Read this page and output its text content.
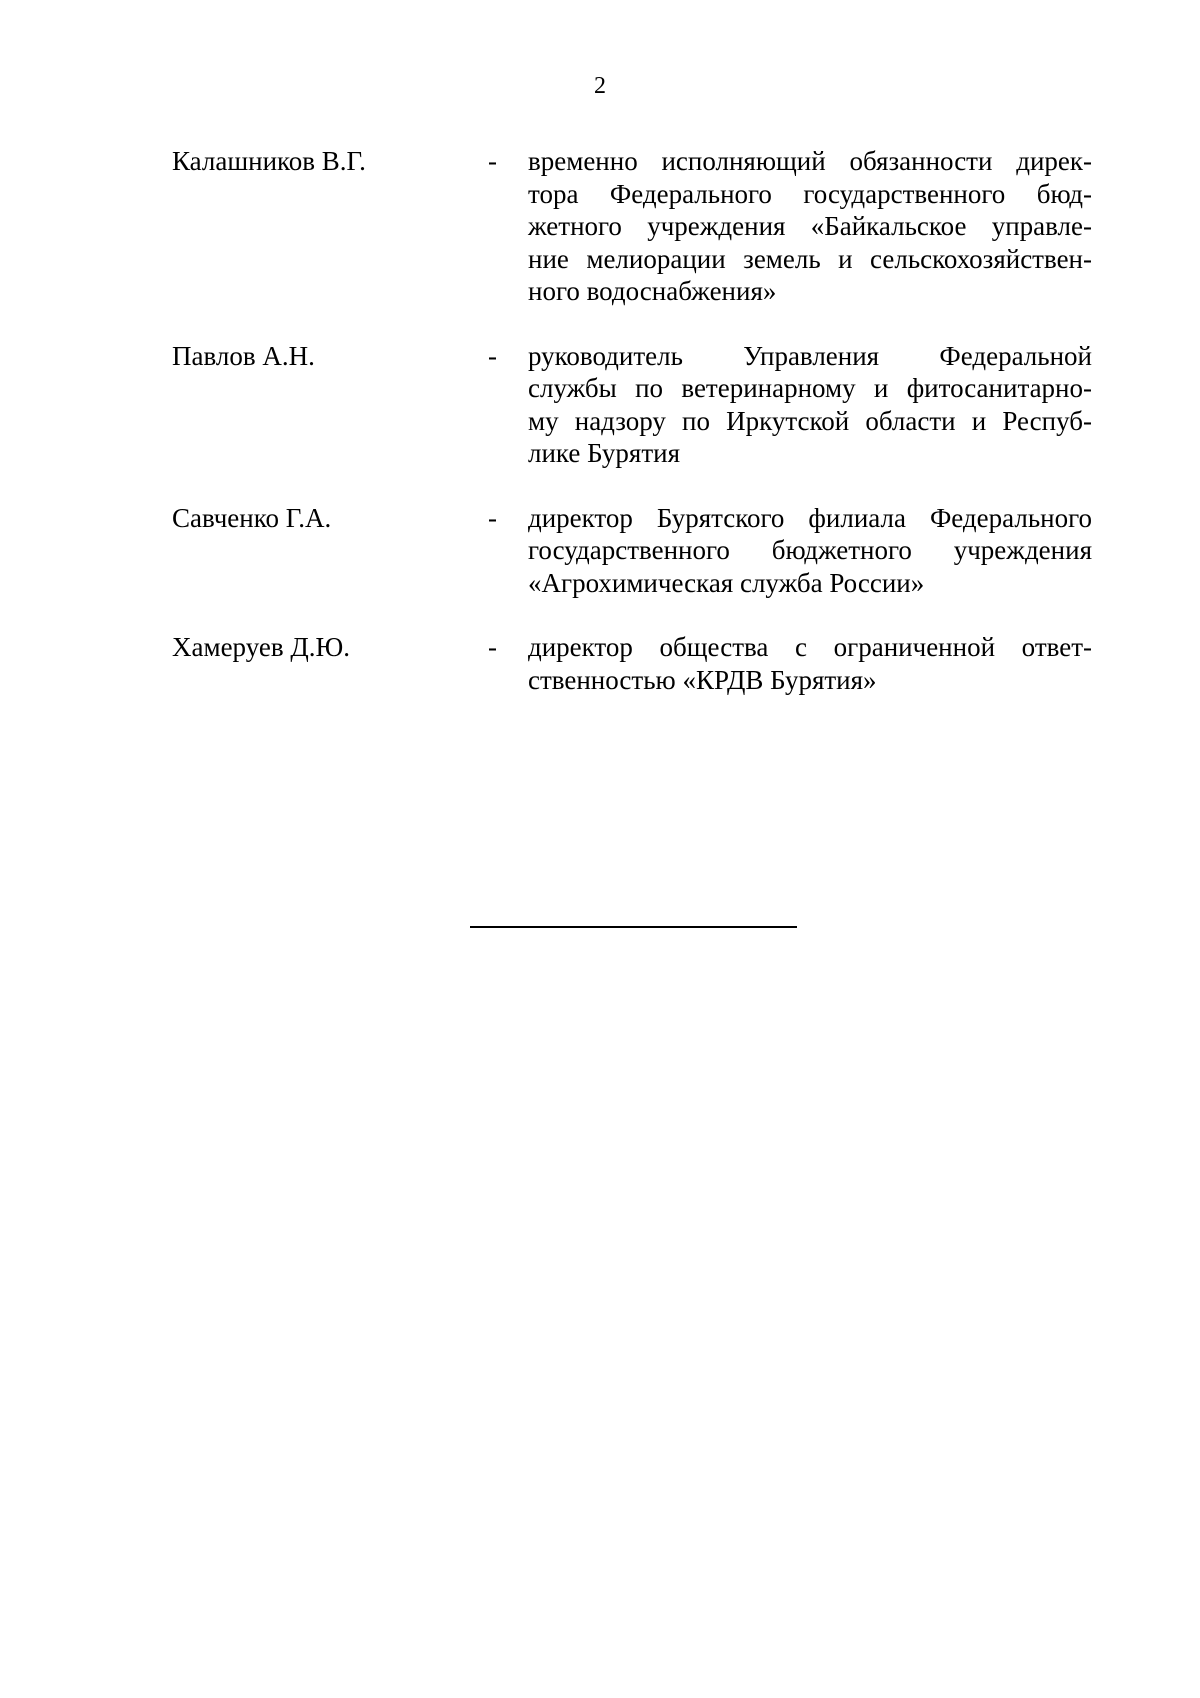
2
Калашников В.Г.	- временно исполняющий обязанности дирек-
тора Федерального государственного бюд-
жетного учреждения «Байкальское управле-
ние мелиорации земель и сельскохозяйствен-
ного водоснабжения»
Павлов А.Н.	- руководитель Управления Федеральной
службы по ветеринарному и фитосанитарно-
му надзору по Иркутской области и Респуб-
лике Бурятия
Савченко Г.А.	- директор Бурятского филиала Федерального
государственного бюджетного учреждения
«Агрохимическая служба России»
Хамеруев Д.Ю.	- директор общества с ограниченной ответ-
ственностью «КРДВ Бурятия»
